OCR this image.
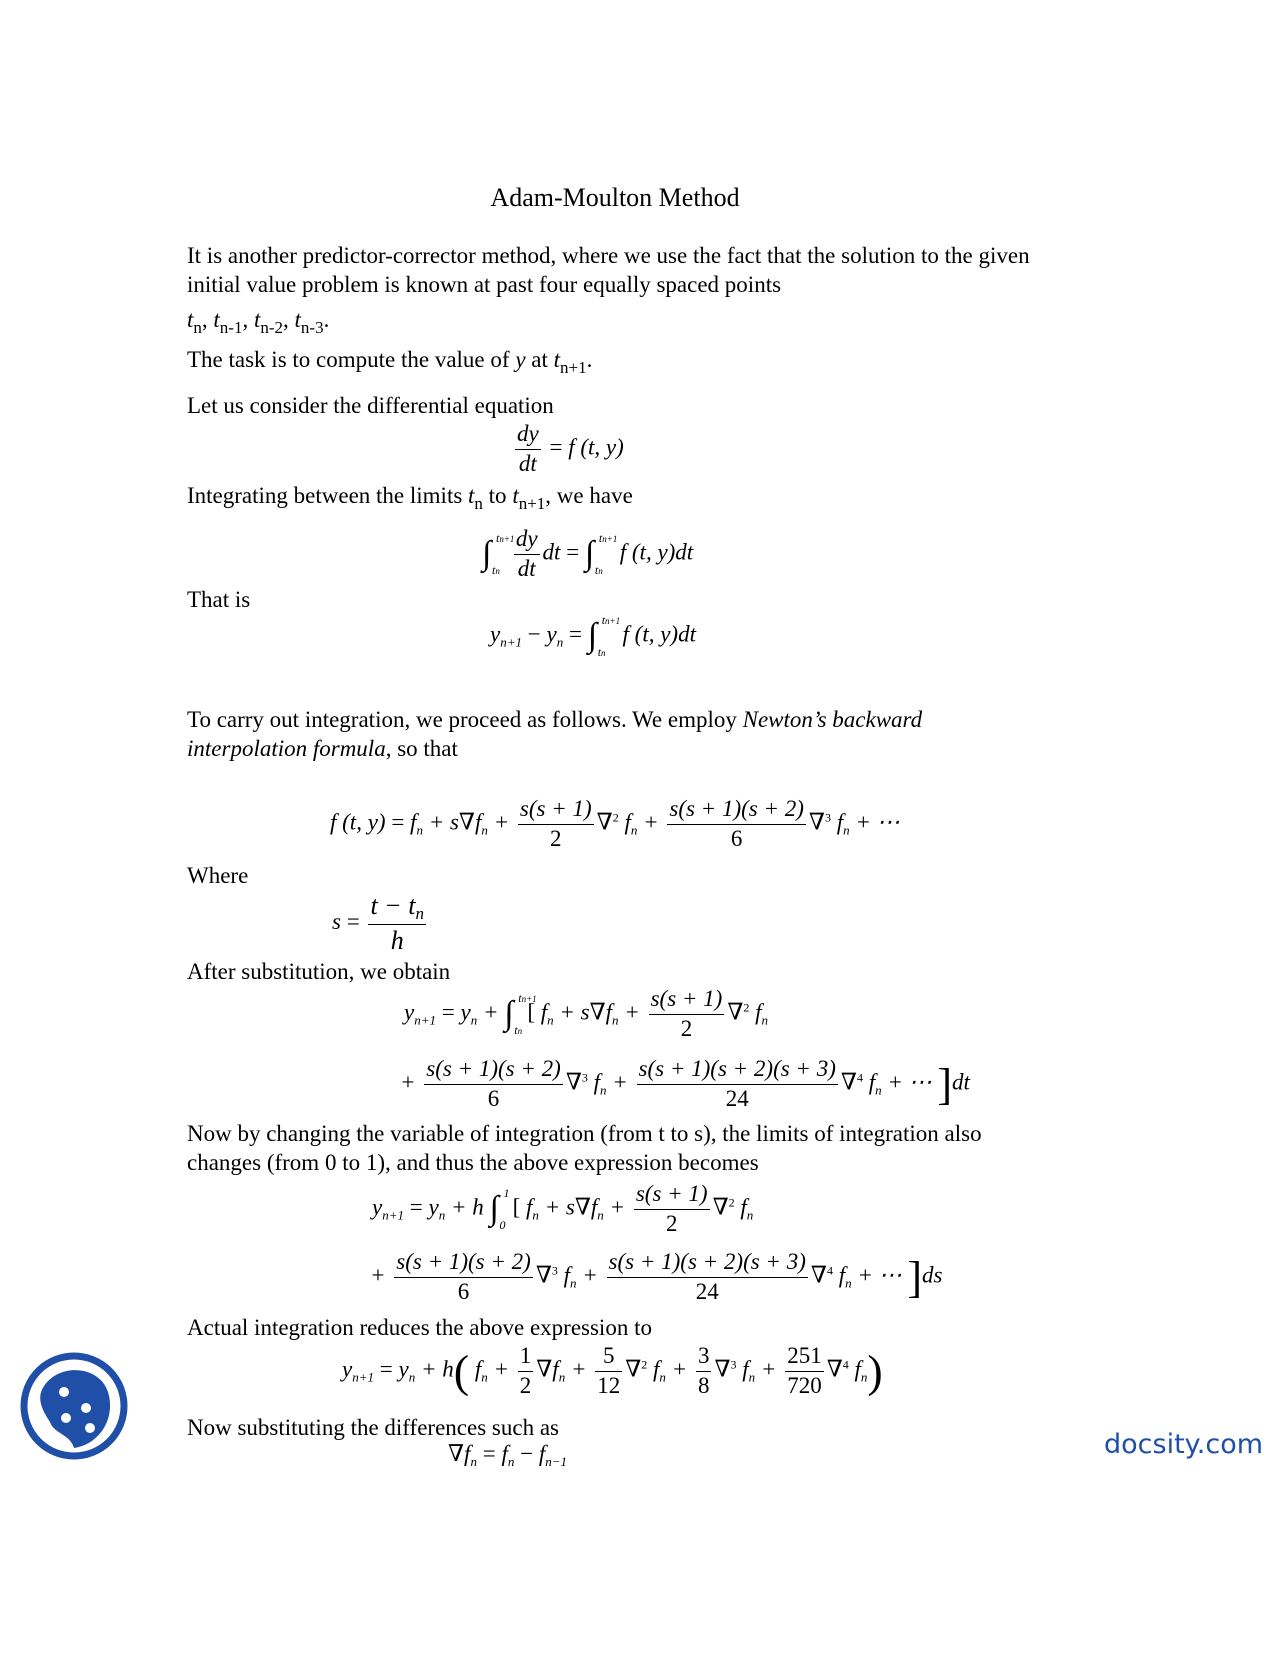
Adam-Moulton Method
It is another predictor-corrector method, where we use the fact that the solution to the given initial value problem is known at past four equally spaced points
$t_n$, $t_{n-1}$, $t_{n-2}$, $t_{n-3}$.
The task is to compute the value of y at $t_{n+1}$.
Let us consider the differential equation
$\frac{dy}{dt} = f$ (t, y)
Integrating between the limits $t_n$ to $t_{n+1}$, we have
∫ tn+1
tn
$\frac{dy}{dt}$ dt = ∫ tn+1
tn
f (t, y)dt
That is
$y_{n+1} - y_n$ = ∫ tn+1
tn
f (t, y)dt
To carry out integration, we proceed as follows. We employ Newton’s backward interpolation formula, so that
f (t, $y) = f_n + s\nabla f_n + \frac{s(s + 1)}{2} \nabla^2$ $f_n + \frac{s(s + 1)(s + 2)}{6} \nabla^3$ $f_n$ + ⋯
Where
$s = \frac{t - t_n}{h}$
After substitution, we obtain
$y_{n+1} = y_n$ + ∫ tn+1
tn
[ $f_n + s\nabla f_n + \frac{s(s + 1)}{2} \nabla^2$ $f_n$
+ $\frac{s(s + 1)(s + 2)}{6} \nabla^3$ $f_n + \frac{s(s + 1)(s + 2)(s + 3)}{24} \nabla^4$ $f_n$ + ⋯ ]dt
Now by changing the variable of integration (from t to s), the limits of integration also changes (from 0 to 1), and thus the above expression becomes
$y_{n+1} = y_n + h$ ∫ 1
0
[ $f_n + s\nabla f_n + \frac{s(s + 1)}{2} \nabla^2$ $f_n$
+ $\frac{s(s + 1)(s + 2)}{6} \nabla^3$ $f_n + \frac{s(s + 1)(s + 2)(s + 3)}{24} \nabla^4$ $f_n$ + ⋯ ]ds
Actual integration reduces the above expression to
$y_{n+1} = y_n + h$( $f_n + \frac{1}{2} \nabla f_n + \frac{5}{12} \nabla^2$ $f_n + \frac{3}{8} \nabla^3$ $f_n + \frac{251}{720} \nabla^4$ $f_n$)
Now substituting the differences such as
$\nabla f_n = f_n - f_{n-1}$
docsity.com
